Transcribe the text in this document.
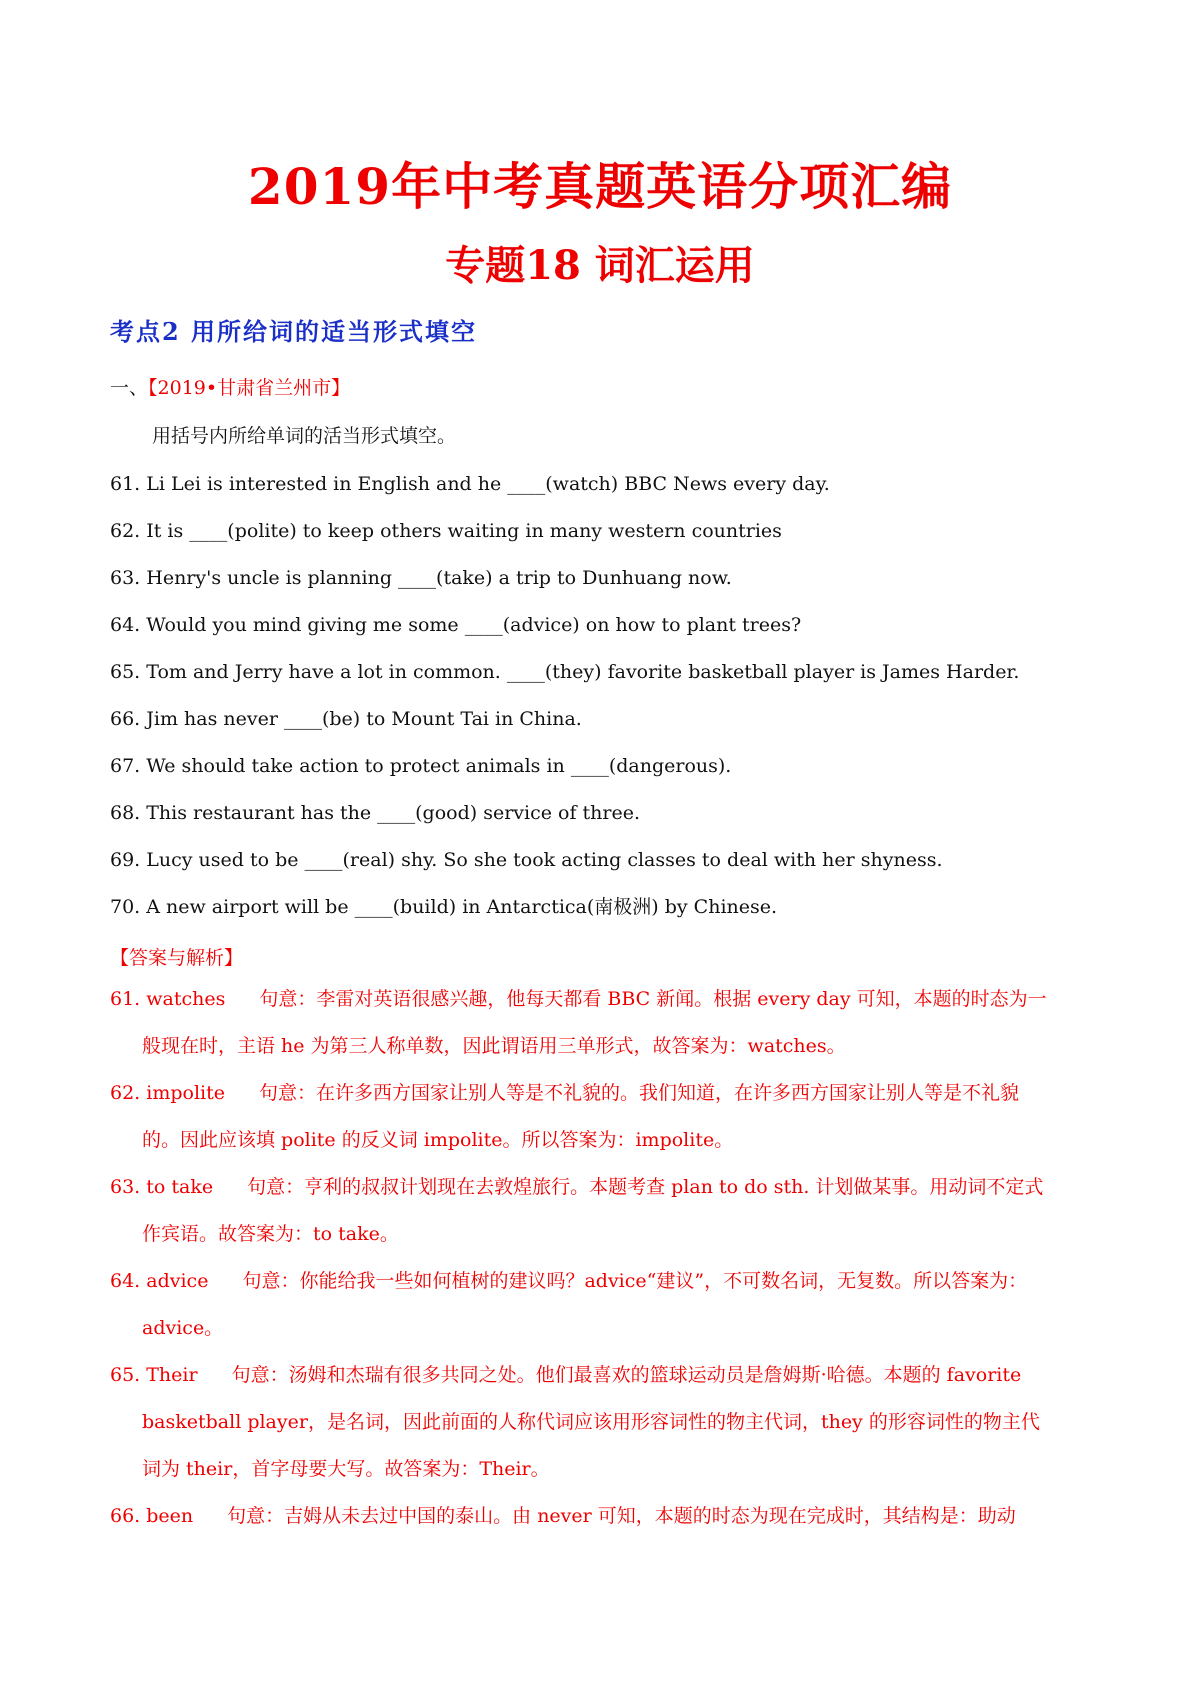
2019年中考真题英语分项汇编
专题18 词汇运用
考点2 用所给词的适当形式填空
一、【2019•甘肃省兰州市】
用括号内所给单词的活当形式填空。
61. Li Lei is interested in English and he ____(watch) BBC News every day.
62. It is ____(polite) to keep others waiting in many western countries
63. Henry's uncle is planning ____(take) a trip to Dunhuang now.
64. Would you mind giving me some ____(advice) on how to plant trees?
65. Tom and Jerry have a lot in common. ____(they) favorite basketball player is James Harder.
66. Jim has never ____(be) to Mount Tai in China.
67. We should take action to protect animals in ____(dangerous).
68. This restaurant has the ____(good) service of three.
69. Lucy used to be ____(real) shy. So she took acting classes to deal with her shyness.
70. A new airport will be ____(build) in Antarctica(南极洲) by Chinese.
【答案与解析】
61. watches 句意：李雷对英语很感兴趣，他每天都看 BBC 新闻。根据 every day 可知，本题的时态为一
般现在时，主语 he 为第三人称单数，因此谓语用三单形式，故答案为：watches。
62. impolite 句意：在许多西方国家让别人等是不礼貌的。我们知道，在许多西方国家让别人等是不礼貌
的。因此应该填 polite 的反义词 impolite。所以答案为：impolite。
63. to take 句意：亨利的叔叔计划现在去敦煌旅行。本题考查 plan to do sth. 计划做某事。用动词不定式
作宾语。故答案为：to take。
64. advice 句意：你能给我一些如何植树的建议吗？advice“建议”，不可数名词，无复数。所以答案为：
advice。
65. Their 句意：汤姆和杰瑞有很多共同之处。他们最喜欢的篮球运动员是詹姆斯·哈德。本题的 favorite
basketball player，是名词，因此前面的人称代词应该用形容词性的物主代词，they 的形容词性的物主代
词为 their，首字母要大写。故答案为：Their。
66. been 句意：吉姆从未去过中国的泰山。由 never 可知，本题的时态为现在完成时，其结构是：助动
